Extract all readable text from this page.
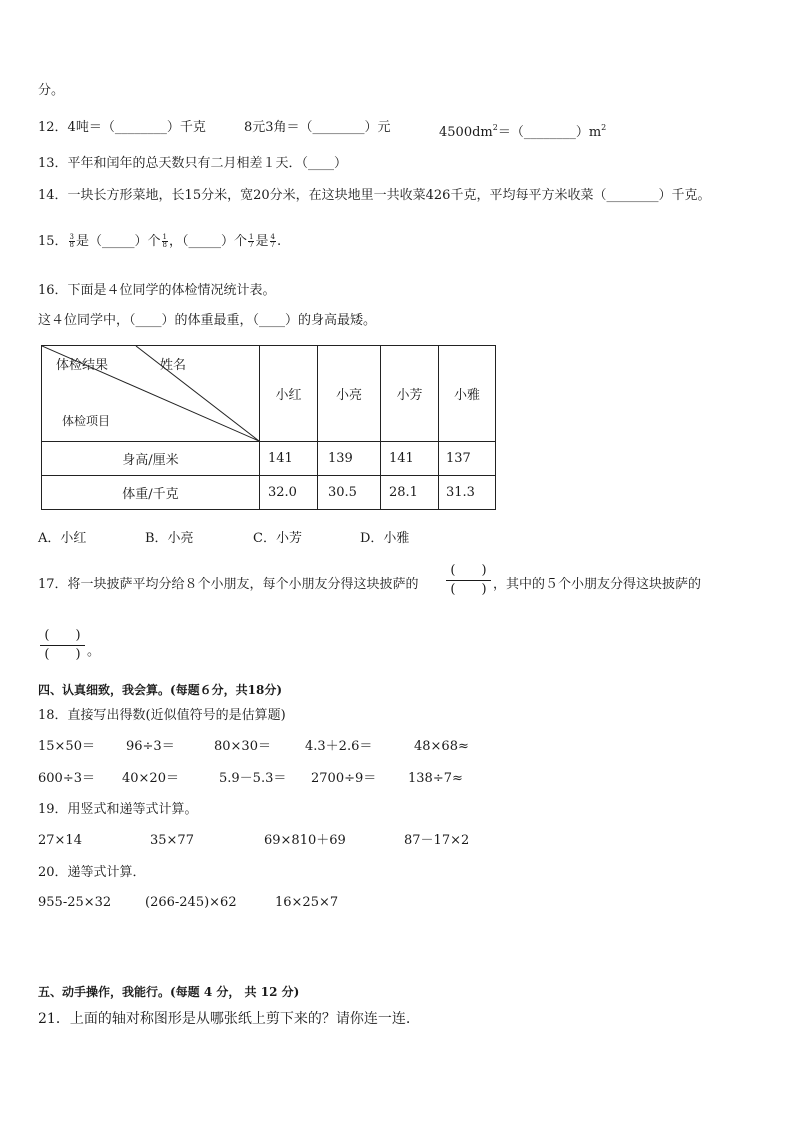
分。
12．4吨＝（________）千克	8元3角＝（________）元	$4500dm^2=(\_\_\_\_\_\_\_\_)m^2$
13．平年和闰年的总天数只有二月相差１天．（____）
14．一块长方形菜地，长15分米，宽20分米，在这块地里一共收菜426千克，平均每平方米收菜（________）千克。
15． $\frac{3}{8}$ 是（_____）个 $\frac{1}{8}$ ，（_____）个 $\frac{1}{7}$ 是 $\frac{4}{7}$ .
16．下面是４位同学的体检情况统计表。
这４位同学中，（____）的体重最重，（____）的身高最矮。
体检结果 姓名
体检项目	小红	小亮	小芳	小雅
身高/厘米	141	139	141	137
体重/千克	32.0	30.5	28.1	31.3
A．小红	B．小亮	C．小芳	D．小雅
17．将一块披萨平均分给８个小朋友，每个小朋友分得这块披萨的
(　　)
(　　) ，其中的５个小朋友分得这块披萨的
(　　)
(　　) 。
四、认真细致，我会算。(每题６分，共18分)
18．直接写出得数(近似值符号的是估算题)
15×50＝ 96÷3＝	80×30＝	4.3＋2.6＝	48×68≈
600÷3＝ 40×20＝	5.9－5.3＝ 2700÷9＝ 138÷7≈
19．用竖式和递等式计算。
27×14	35×77	69×810＋69	87－17×2
20．递等式计算．
955-25×32	(266-245)×62	16×25×7
五、动手操作，我能行。(每题 4 分， 共 12 分)
21．上面的轴对称图形是从哪张纸上剪下来的？请你连一连.
